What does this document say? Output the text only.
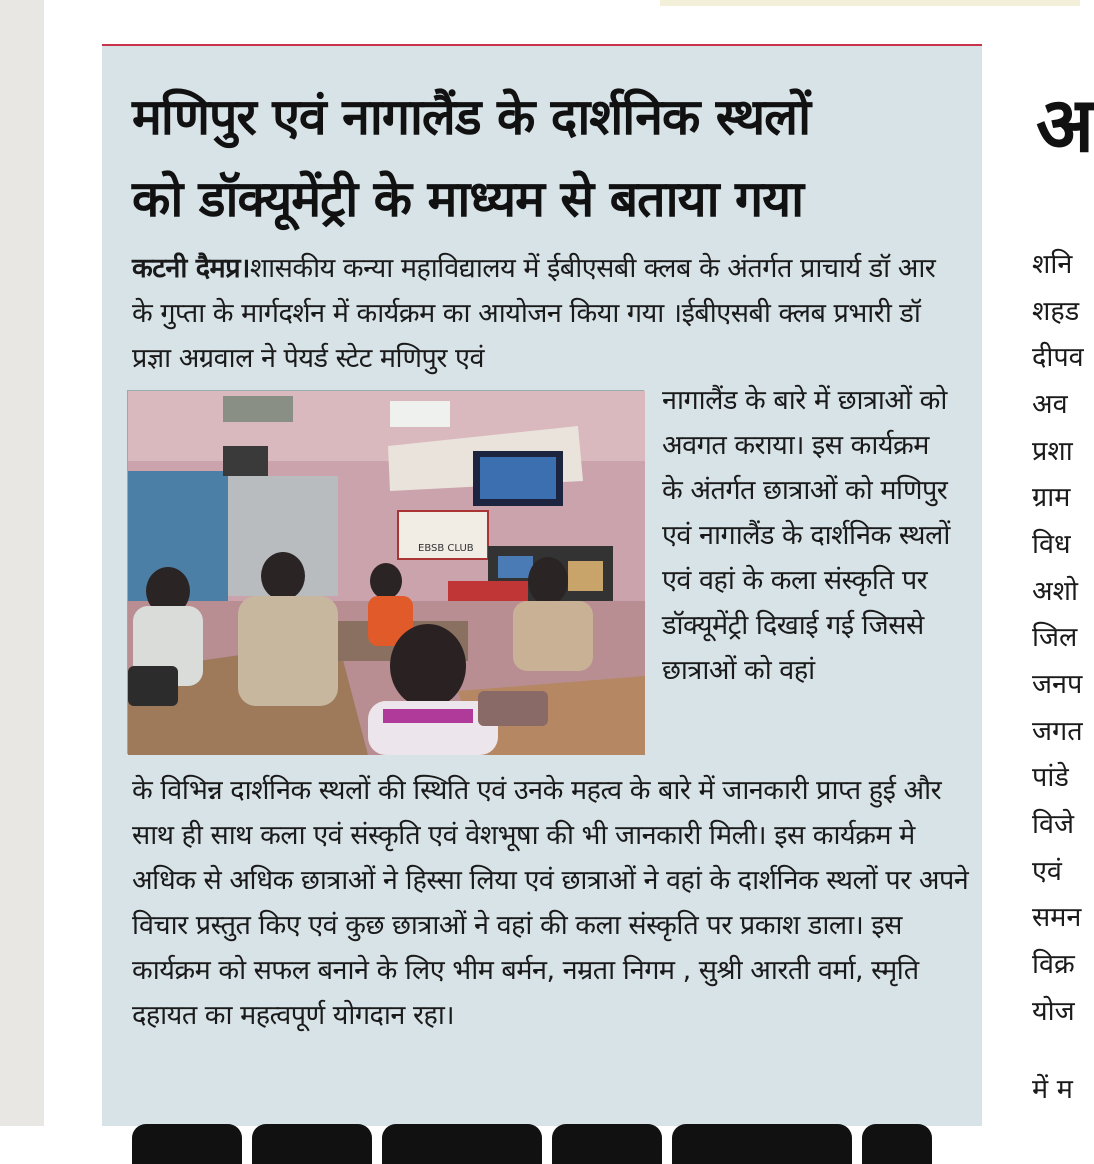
मणिपुर एवं नागालैंड के दार्शनिक स्थलों
को डॉक्यूमेंट्री के माध्यम से बताया गया

कटनी दैमप्र।शासकीय कन्या महाविद्यालय में ईबीएसबी क्लब के अंतर्गत प्राचार्य डॉ आर के गुप्ता के मार्गदर्शन में कार्यक्रम का आयोजन किया गया ।ईबीएसबी क्लब प्रभारी डॉ प्रज्ञा अग्रवाल ने पेयर्ड स्टेट मणिपुर एवं

EBSB CLUB

नागालैंड के बारे में छात्राओं को अवगत कराया। इस कार्यक्रम के अंतर्गत छात्राओं को मणिपुर एवं नागालैंड के दार्शनिक स्थलों एवं वहां के कला संस्कृति पर डॉक्यूमेंट्री दिखाई गई जिससे छात्राओं को वहां

के विभिन्न दार्शनिक स्थलों की स्थिति एवं उनके महत्व के बारे में जानकारी प्राप्त हुई और साथ ही साथ कला एवं संस्कृति एवं वेशभूषा की भी जानकारी मिली। इस कार्यक्रम मे अधिक से अधिक छात्राओं ने हिस्सा लिया एवं छात्राओं ने वहां के दार्शनिक स्थलों पर अपने विचार प्रस्तुत किए एवं कुछ छात्राओं ने वहां की कला संस्कृति पर प्रकाश डाला। इस कार्यक्रम को सफल बनाने के लिए भीम बर्मन, नम्रता निगम , सुश्री आरती वर्मा, स्मृति दहायत का महत्वपूर्ण योगदान रहा।

अ
शनि
शहड
दीपव
अव
प्रशा
ग्राम
विध
अशो
जिल
जनप
जगत
पांडे
विजे
एवं
समन
विक्र
योज
में म
